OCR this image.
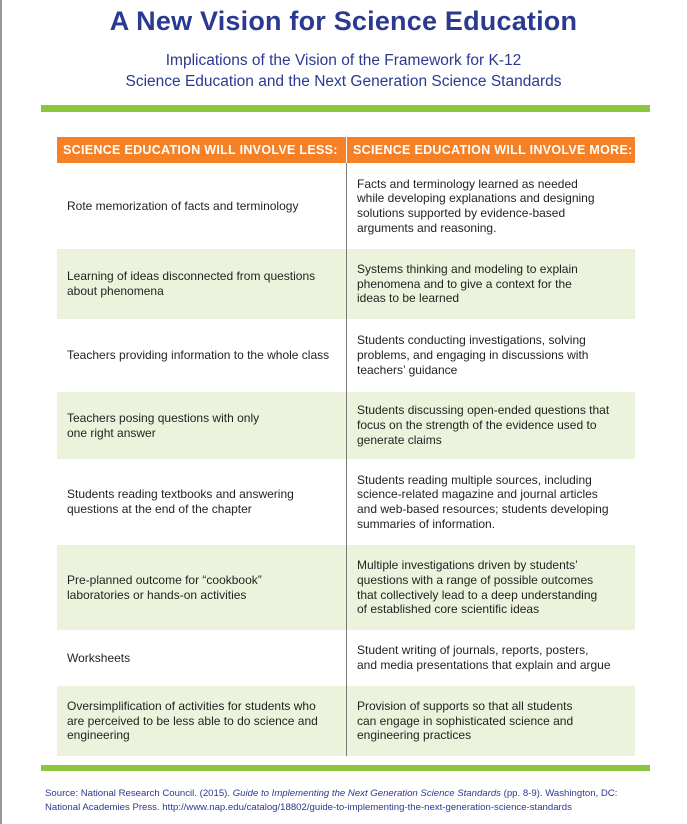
A New Vision for Science Education
Implications of the Vision of the Framework for K-12
Science Education and the Next Generation Science Standards
SCIENCE EDUCATION WILL INVOLVE LESS:	SCIENCE EDUCATION WILL INVOLVE MORE:
Rote memorization of facts and terminology
Facts and terminology learned as needed
while developing explanations and designing
solutions supported by evidence-based
arguments and reasoning.
Learning of ideas disconnected from questions
about phenomena
Systems thinking and modeling to explain
phenomena and to give a context for the
ideas to be learned
Teachers providing information to the whole class
Students conducting investigations, solving
problems, and engaging in discussions with
teachers’ guidance
Teachers posing questions with only
one right answer
Students discussing open-ended questions that
focus on the strength of the evidence used to
generate claims
Students reading textbooks and answering
questions at the end of the chapter
Students reading multiple sources, including
science-related magazine and journal articles
and web-based resources; students developing
summaries of information.
Pre-planned outcome for “cookbook”
laboratories or hands-on activities
Multiple investigations driven by students’
questions with a range of possible outcomes
that collectively lead to a deep understanding
of established core scientific ideas
Worksheets
Student writing of journals, reports, posters,
and media presentations that explain and argue
Oversimplification of activities for students who
are perceived to be less able to do science and
engineering
Provision of supports so that all students
can engage in sophisticated science and
engineering practices
Source: National Research Council. (2015). Guide to Implementing the Next Generation Science Standards (pp. 8-9). Washington, DC:
National Academies Press. http://www.nap.edu/catalog/18802/guide-to-implementing-the-next-generation-science-standards
